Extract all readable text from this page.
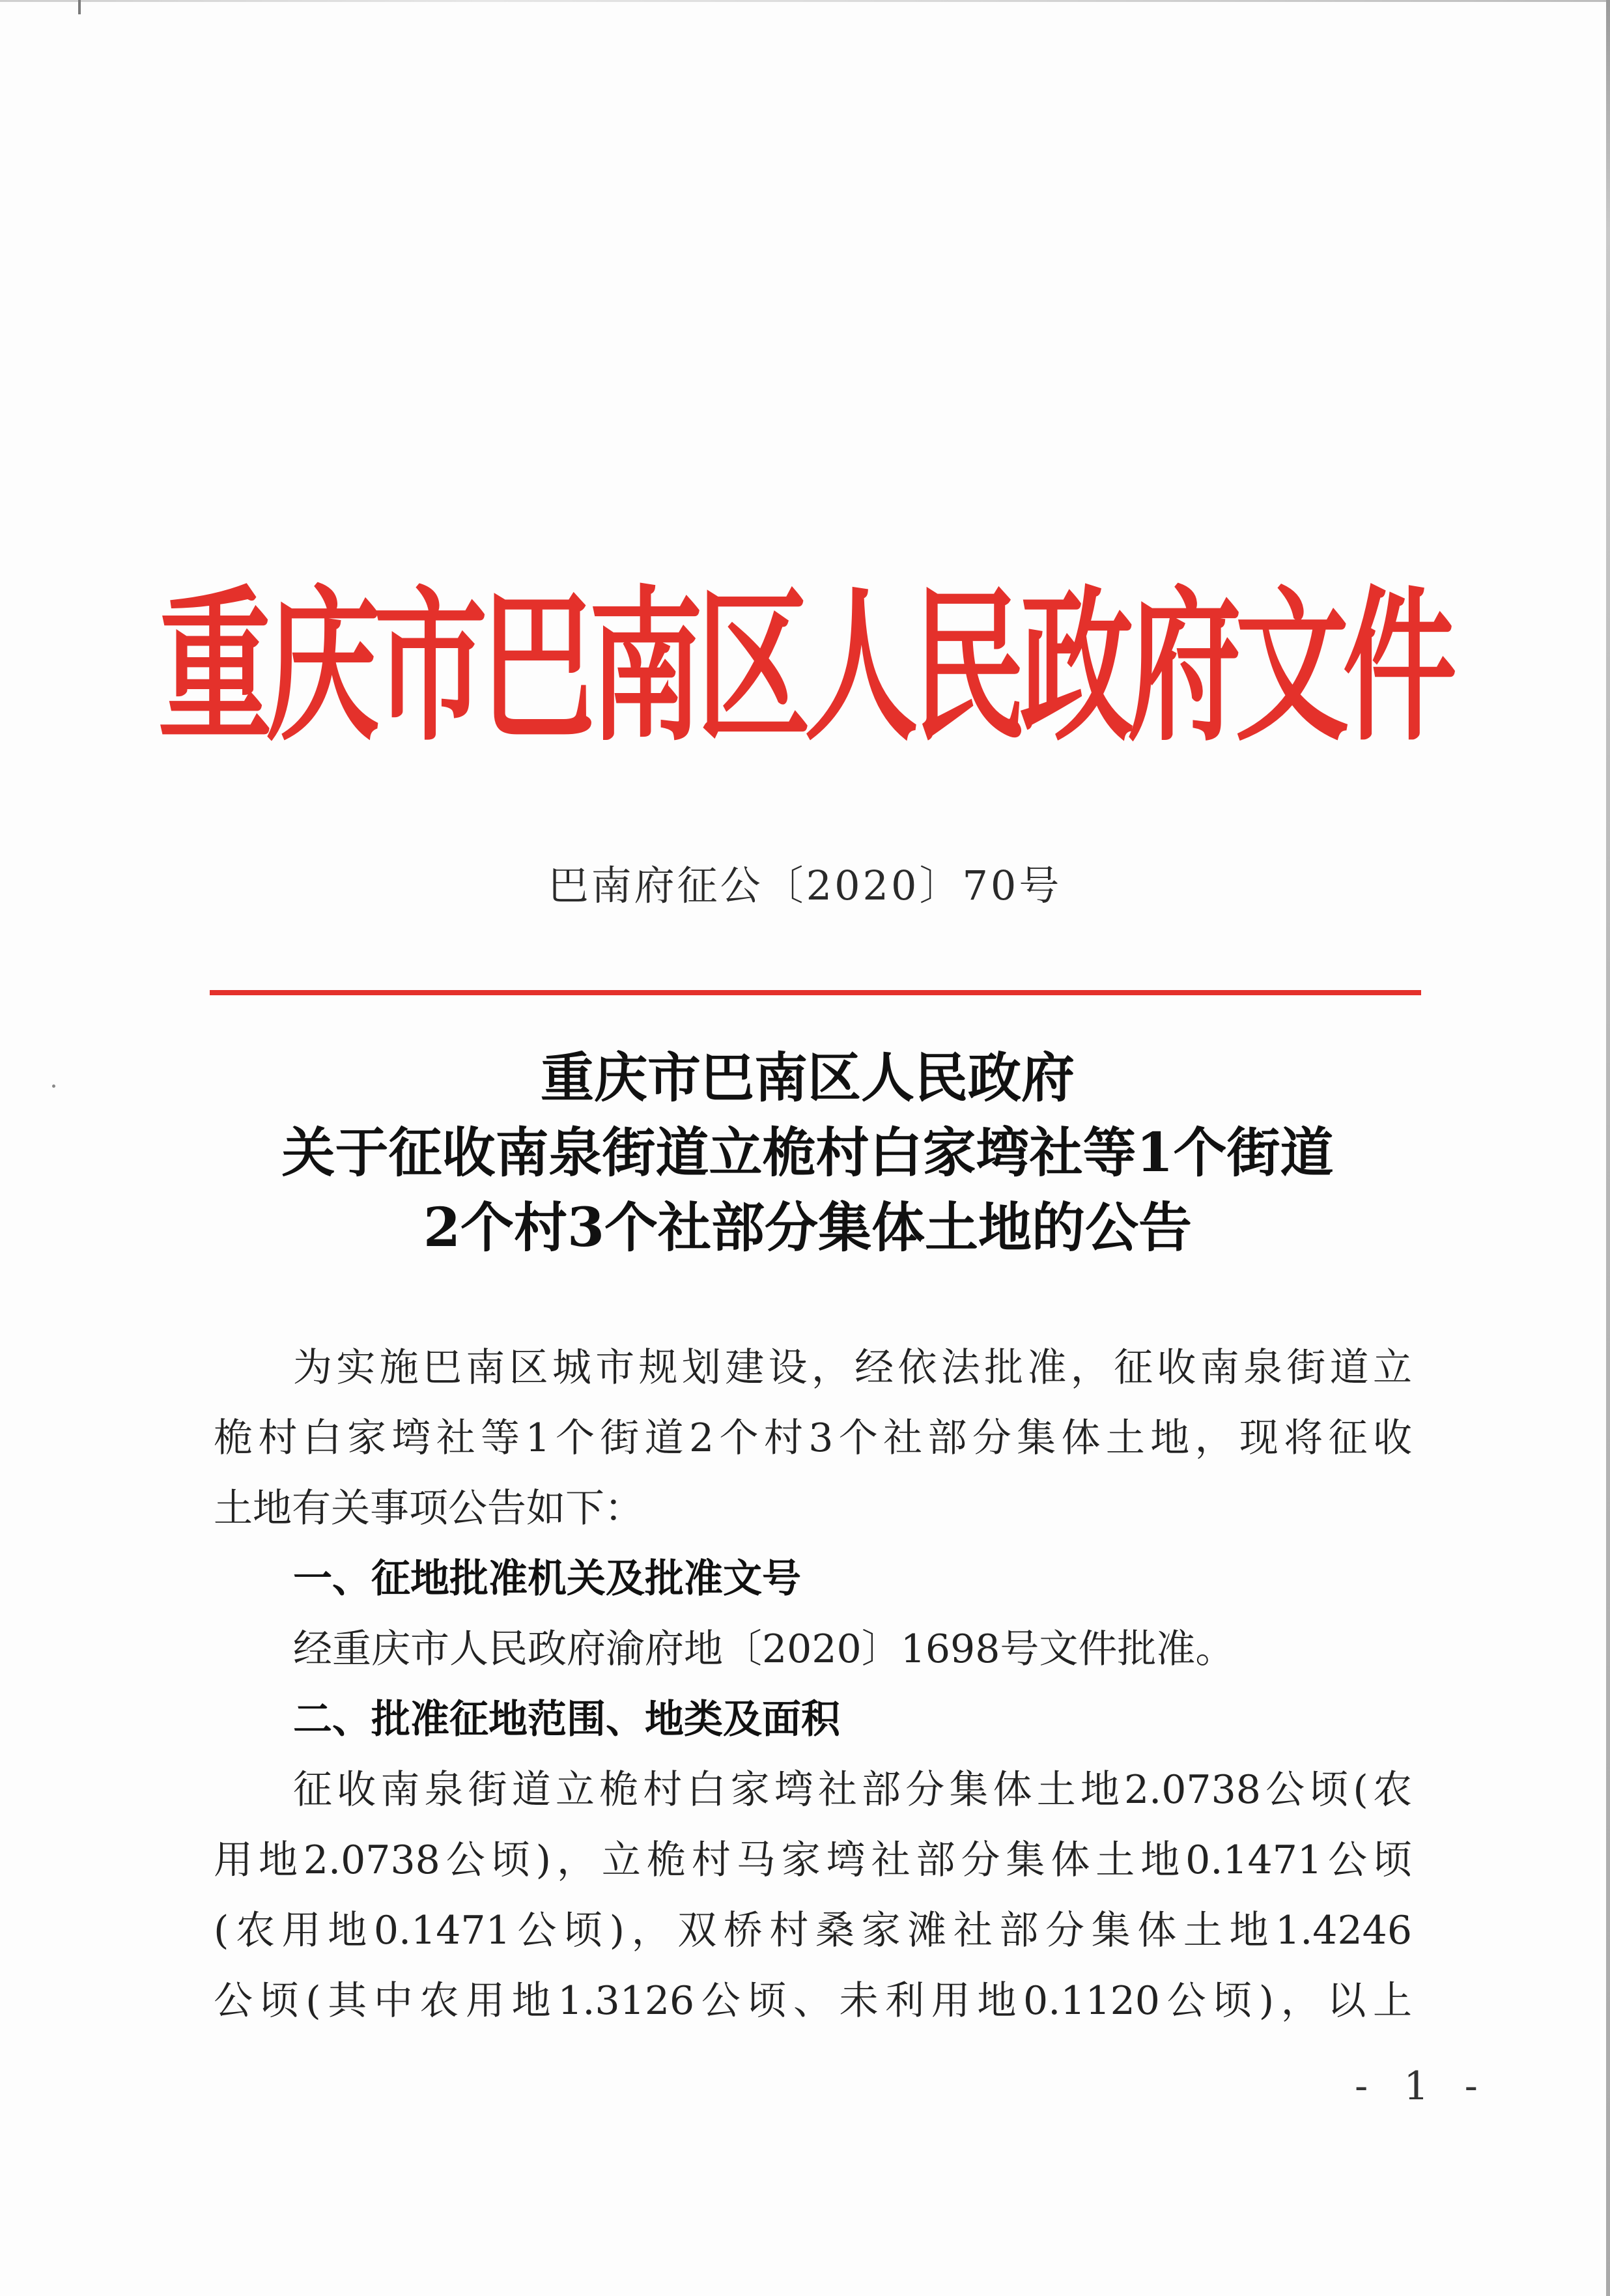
重庆市巴南区人民政府文件
巴南府征公〔2020〕70号
重庆市巴南区人民政府
关于征收南泉街道立桅村白家塆社等1个街道
2个村3个社部分集体土地的公告
为实施巴南区城市规划建设，经依法批准，征收南泉街道立
桅村白家塆社等1个街道2个村3个社部分集体土地，现将征收
土地有关事项公告如下：
一、征地批准机关及批准文号
经重庆市人民政府渝府地〔2020〕1698号文件批准。
二、批准征地范围、地类及面积
征收南泉街道立桅村白家塆社部分集体土地2.0738公顷(农
用地2.0738公顷)，立桅村马家塆社部分集体土地0.1471公顷
(农用地0.1471公顷)，双桥村桑家滩社部分集体土地1.4246
公顷(其中农用地1.3126公顷、未利用地0.1120公顷)，以上
- 1 -
